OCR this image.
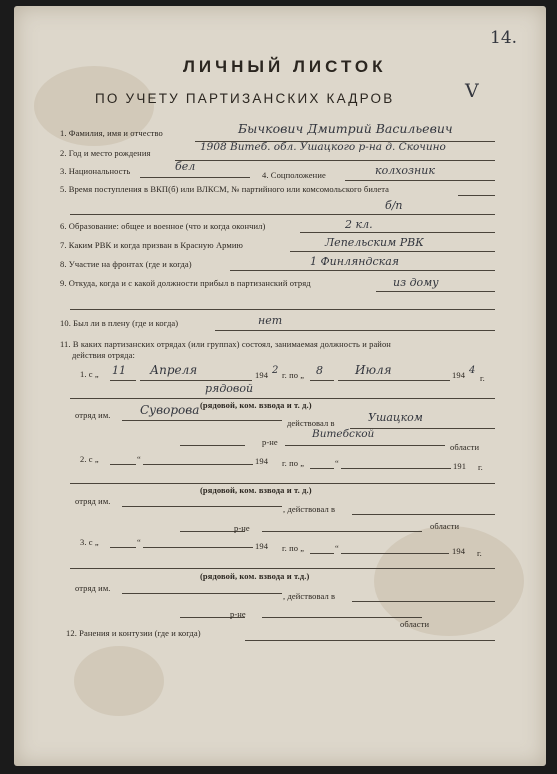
14.
ЛИЧНЫЙ ЛИСТОК
ПО УЧЕТУ ПАРТИЗАНСКИХ КАДРОВ	V
1. Фамилия, имя и отчество	Бычкович Дмитрий Васильевич
2. Год и место рождения	1908 Витеб. обл. Ушацкого р-на д. Скочино
3. Национальность	бел
4. Соцположение	колхозник
5. Время поступления в ВКП(б) или ВЛКСМ, № партийного или комсомольского билета
б/п
6. Образование: общее и военное (что и когда окончил)	2 кл.
7. Каким РВК и когда призван в Красную Армию	Лепельским РВК
8. Участие на фронтах (где и когда)	1 Финляндская
9. Откуда, когда и с какой должности прибыл в партизанский отряд	из дому
10. Был ли в плену (где и когда)	нет
11. В каких партизанских отрядах (или группах) состоял, занимаемая должность и район
действия отряда:
1. с „ 11 Апреля	194 2 г. по „ 8	Июля	194 4
г.
рядовой
(рядовой, ком. взвода и т. д.)
отряд им. Суворова
действовал в	Ушацком
р-не
Витебской
области
2. с „	“	194 г. по „	“	191 г.
(рядовой, ком. взвода и т. д.)
отряд им.
, действовал в
р-не	области
3. с „	“	194 г. по „	“	194 г.
(рядовой, ком. взвода и т.д.)
отряд им.
, действовал в
р-не
области
12. Ранения и контузии (где и когда)
